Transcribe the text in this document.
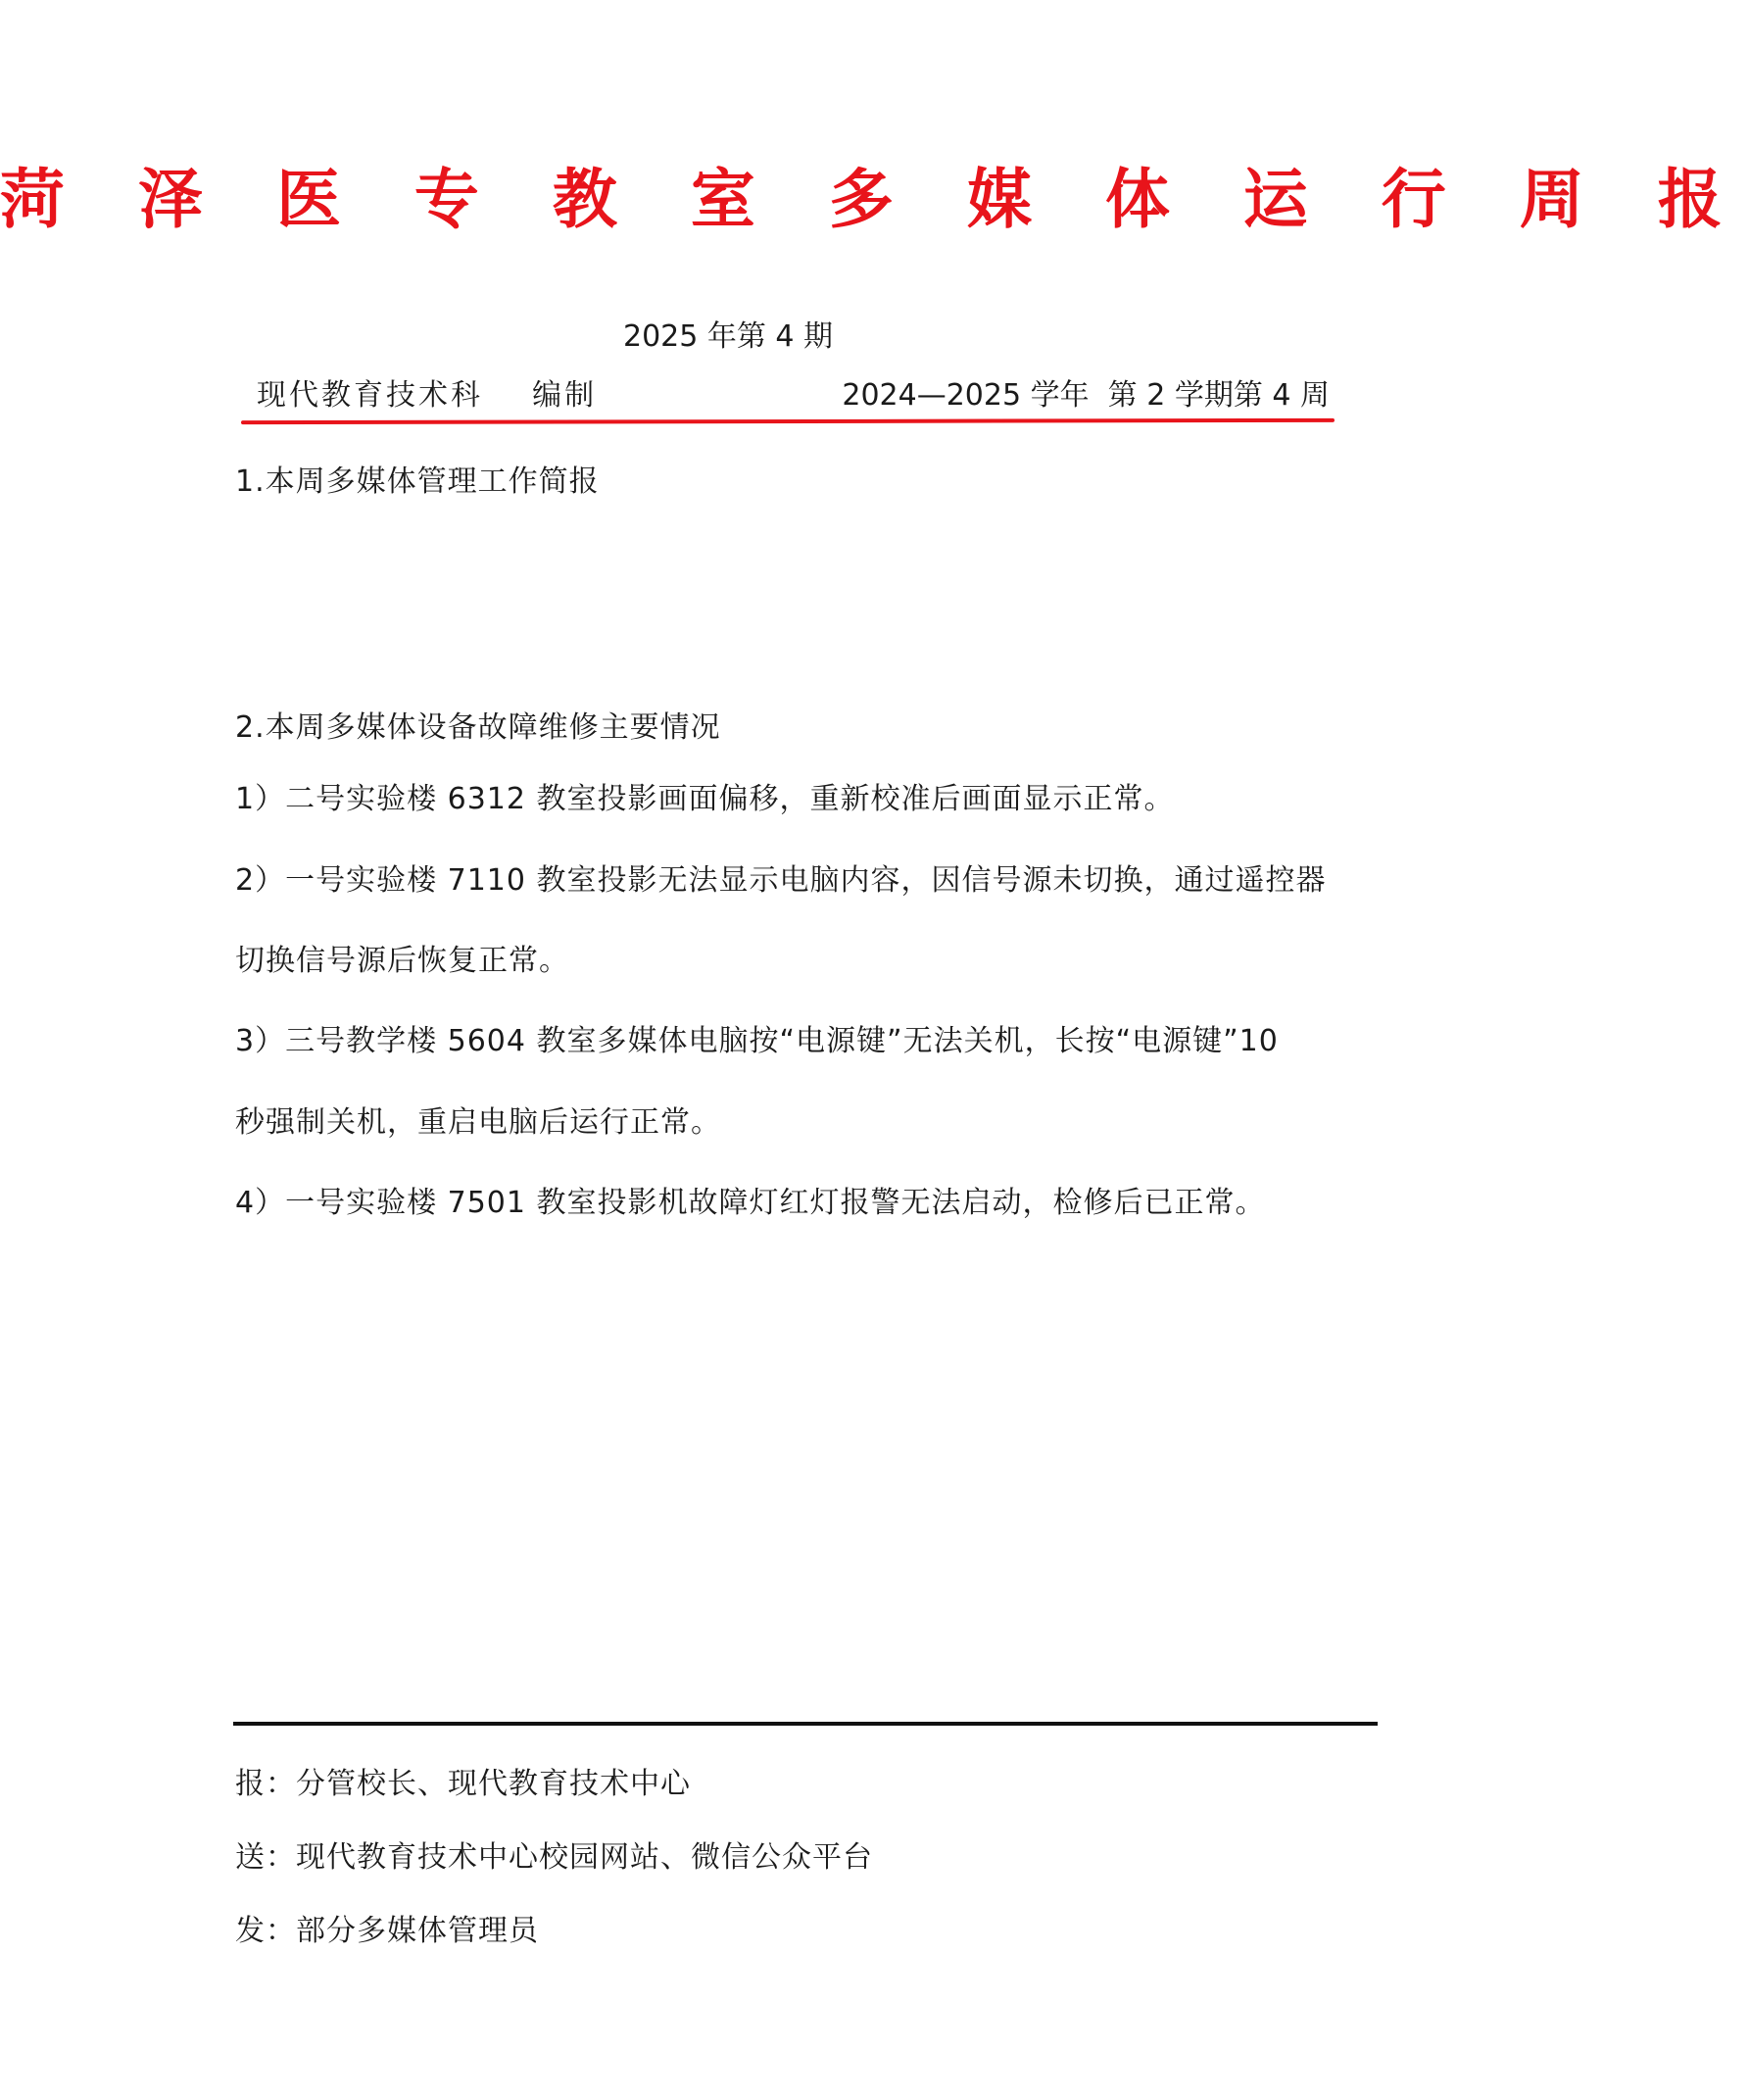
菏 泽 医 专 教 室 多 媒 体 运 行 周 报
2025 年第 4 期
现代教育技术科    编制	2024—2025 学年  第 2 学期第 4 周
1.本周多媒体管理工作简报
2.本周多媒体设备故障维修主要情况
1）二号实验楼 6312 教室投影画面偏移，重新校准后画面显示正常。
2）一号实验楼 7110 教室投影无法显示电脑内容，因信号源未切换，通过遥控器
切换信号源后恢复正常。
3）三号教学楼 5604 教室多媒体电脑按“电源键”无法关机，长按“电源键”10
秒强制关机，重启电脑后运行正常。
4）一号实验楼 7501 教室投影机故障灯红灯报警无法启动，检修后已正常。
报：分管校长、现代教育技术中心
送：现代教育技术中心校园网站、微信公众平台
发：部分多媒体管理员
